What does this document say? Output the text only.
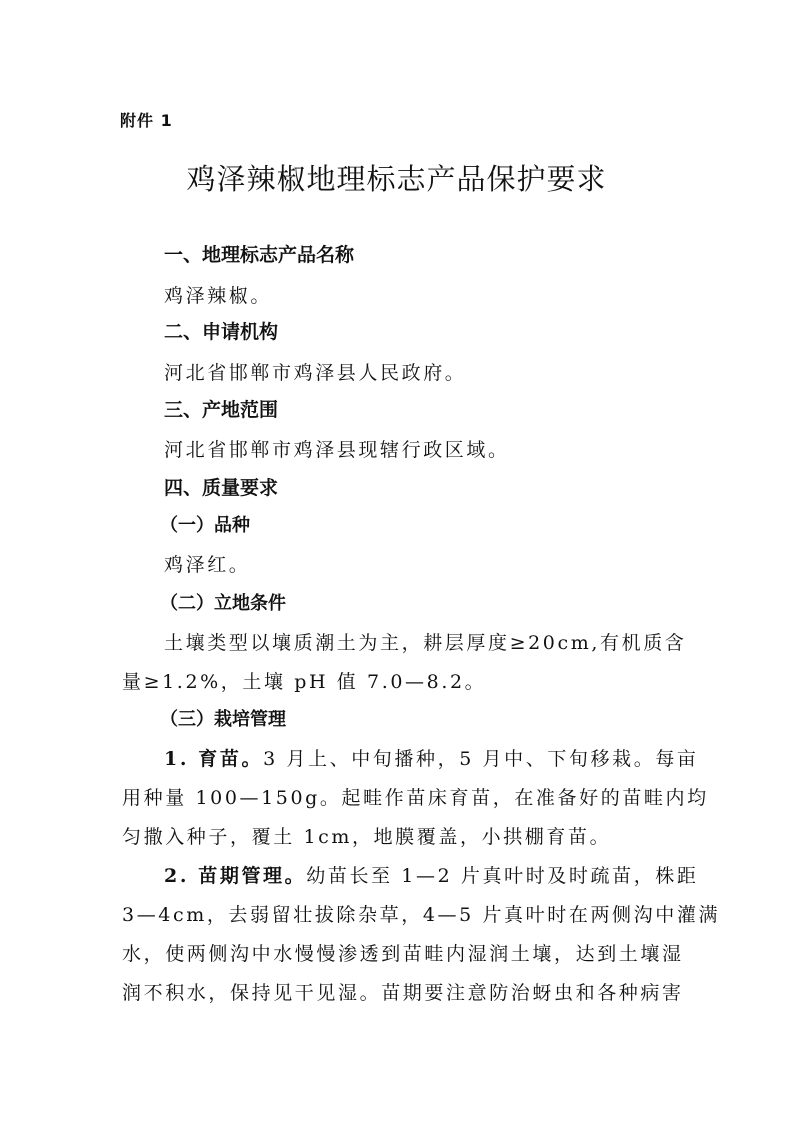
附件 1
鸡泽辣椒地理标志产品保护要求
一、地理标志产品名称
鸡泽辣椒。
二、申请机构
河北省邯郸市鸡泽县人民政府。
三、产地范围
河北省邯郸市鸡泽县现辖行政区域。
四、质量要求
（一）品种
鸡泽红。
（二）立地条件
土壤类型以壤质潮土为主，耕层厚度≥20cm,有机质含
量≥1.2%，土壤 pH 值 7.0—8.2。
（三）栽培管理
1. 育苗。3 月上、中旬播种，5 月中、下旬移栽。每亩
用种量 100—150g。起畦作苗床育苗，在准备好的苗畦内均
匀撒入种子，覆土 1cm，地膜覆盖，小拱棚育苗。
2. 苗期管理。幼苗长至 1—2 片真叶时及时疏苗，株距
3—4cm，去弱留壮拔除杂草，4—5 片真叶时在两侧沟中灌满
水，使两侧沟中水慢慢渗透到苗畦内湿润土壤，达到土壤湿
润不积水，保持见干见湿。苗期要注意防治蚜虫和各种病害
